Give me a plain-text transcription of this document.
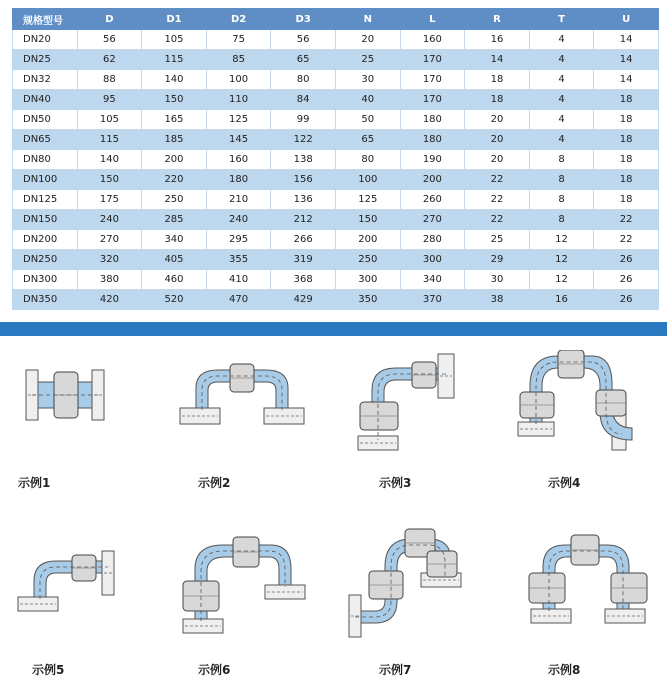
规格型号	D	D1	D2	D3	N	L	R	T	U
DN20	56	105	75	56	20	160	16	4	14
DN25	62	115	85	65	25	170	14	4	14
DN32	88	140	100	80	30	170	18	4	14
DN40	95	150	110	84	40	170	18	4	18
DN50	105	165	125	99	50	180	20	4	18
DN65	115	185	145	122	65	180	20	4	18
DN80	140	200	160	138	80	190	20	8	18
DN100	150	220	180	156	100	200	22	8	18
DN125	175	250	210	136	125	260	22	8	18
DN150	240	285	240	212	150	270	22	8	22
DN200	270	340	295	266	200	280	25	12	22
DN250	320	405	355	319	250	300	29	12	26
DN300	380	460	410	368	300	340	30	12	26
DN350	420	520	470	429	350	370	38	16	26
示例1	示例2	示例3	示例4
示例5	示例6	示例7	示例8
